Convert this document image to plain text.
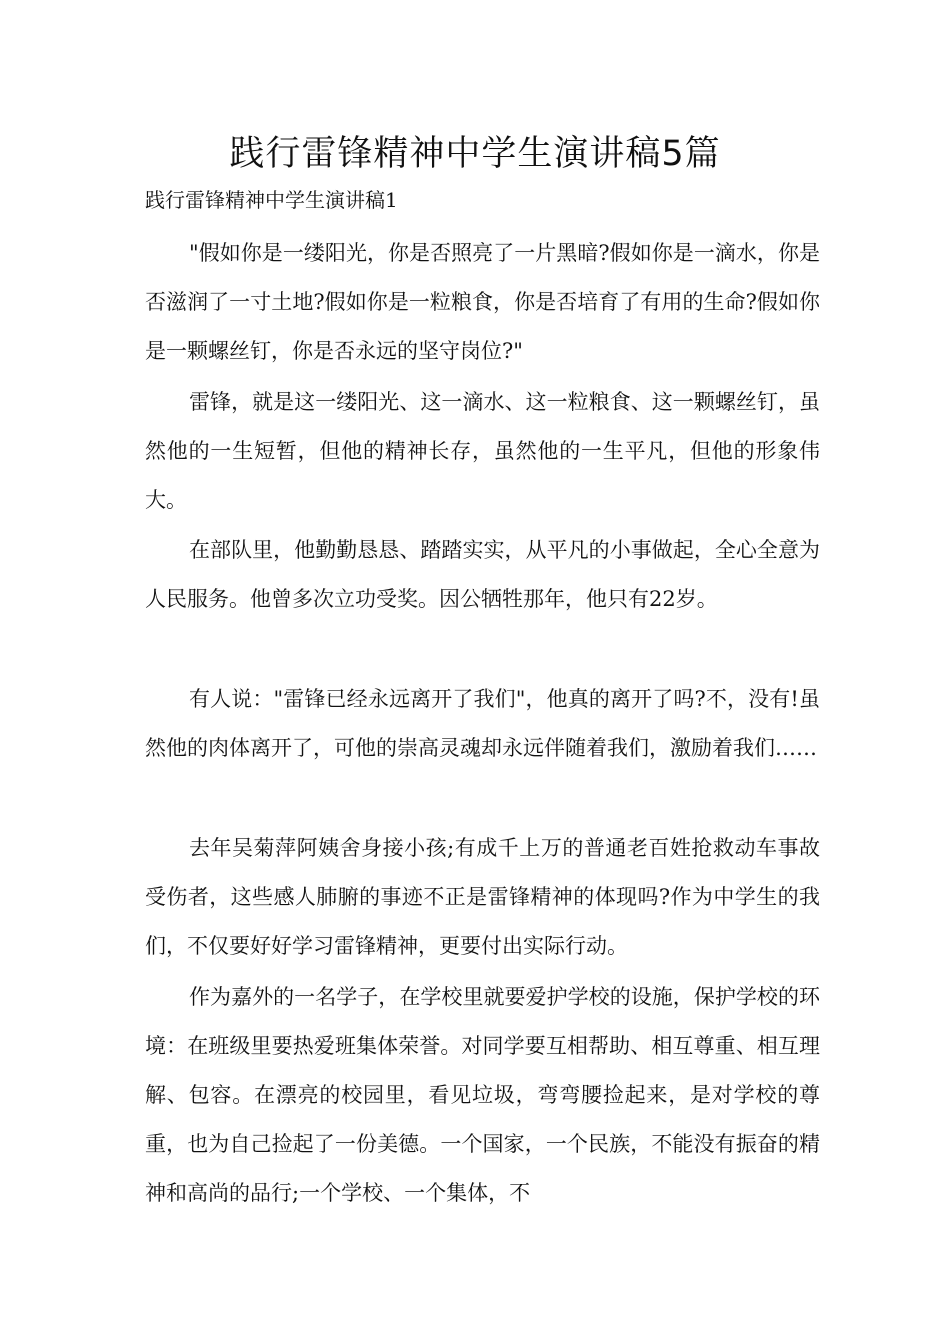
践行雷锋精神中学生演讲稿5篇

践行雷锋精神中学生演讲稿1

"假如你是一缕阳光，你是否照亮了一片黑暗?假如你是一滴水，你是否滋润了一寸土地?假如你是一粒粮食，你是否培育了有用的生命?假如你是一颗螺丝钉，你是否永远的坚守岗位?"

雷锋，就是这一缕阳光、这一滴水、这一粒粮食、这一颗螺丝钉，虽然他的一生短暂，但他的精神长存，虽然他的一生平凡，但他的形象伟大。

在部队里，他勤勤恳恳、踏踏实实，从平凡的小事做起，全心全意为人民服务。他曾多次立功受奖。因公牺牲那年，他只有22岁。

有人说："雷锋已经永远离开了我们"，他真的离开了吗?不，没有!虽然他的肉体离开了，可他的崇高灵魂却永远伴随着我们，激励着我们……

去年吴菊萍阿姨舍身接小孩;有成千上万的普通老百姓抢救动车事故受伤者，这些感人肺腑的事迹不正是雷锋精神的体现吗?作为中学生的我们，不仅要好好学习雷锋精神，更要付出实际行动。

作为嘉外的一名学子，在学校里就要爱护学校的设施，保护学校的环境：在班级里要热爱班集体荣誉。对同学要互相帮助、相互尊重、相互理解、包容。在漂亮的校园里，看见垃圾，弯弯腰捡起来，是对学校的尊重，也为自己捡起了一份美德。一个国家，一个民族，不能没有振奋的精神和高尚的品行;一个学校、一个集体，不
